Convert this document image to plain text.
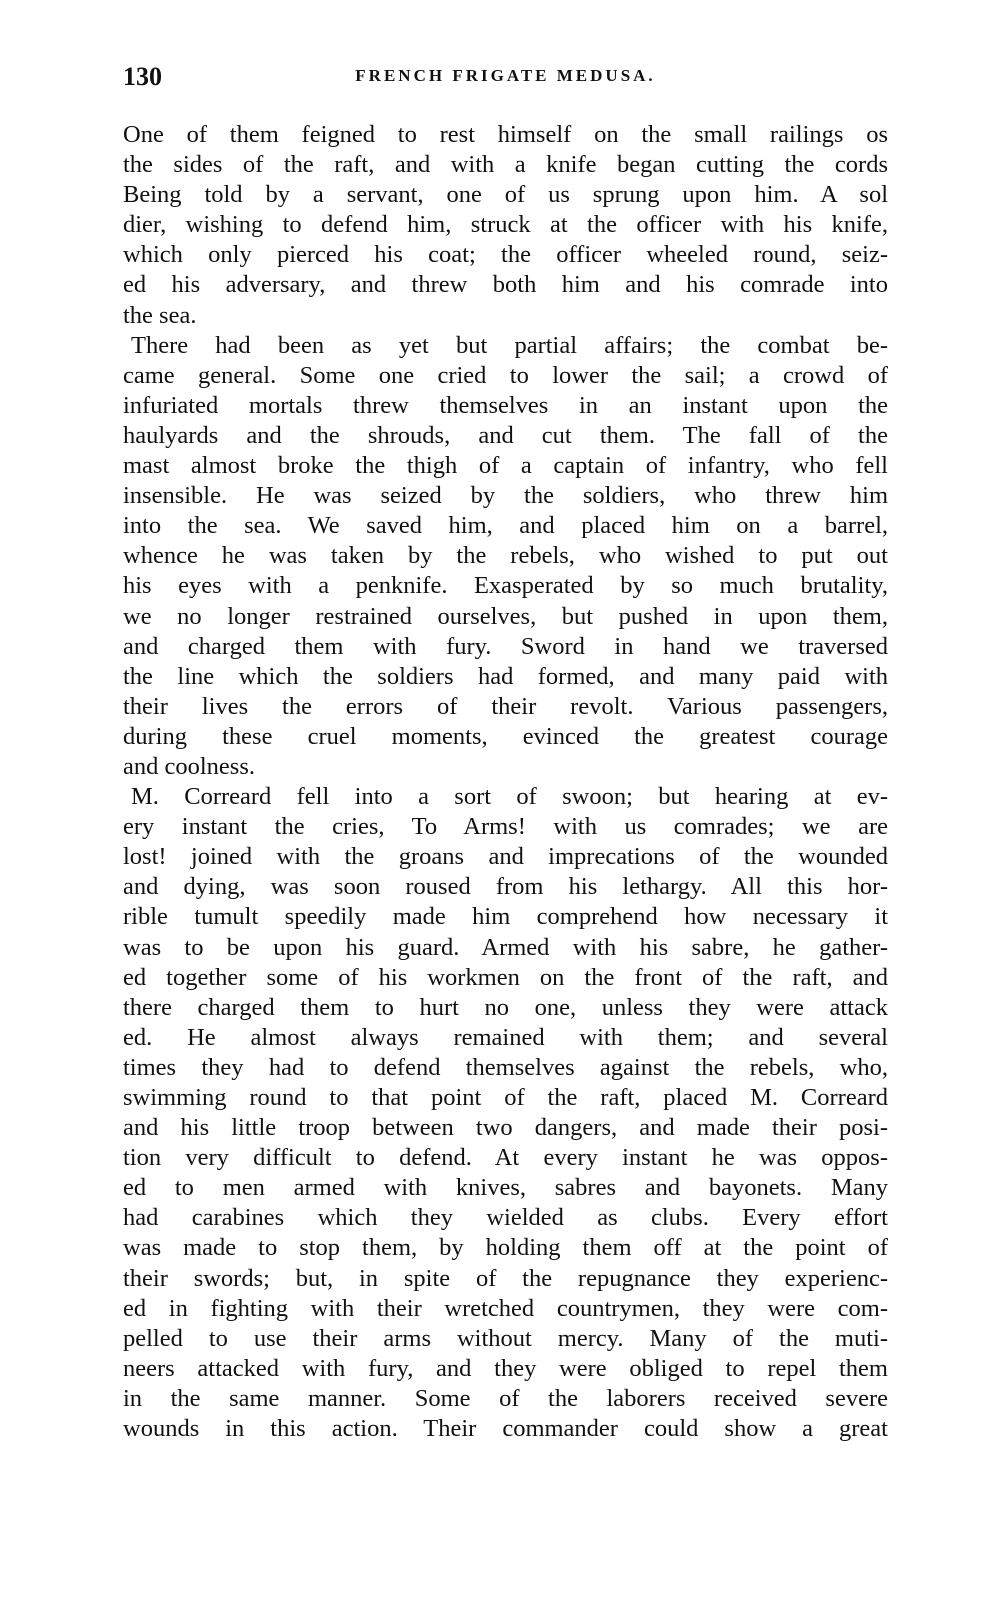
130	FRENCH FRIGATE MEDUSA.
One of them feigned to rest himself on the small railings os
the sides of the raft, and with a knife began cutting the cords
Being told by a servant, one of us sprung upon him. A sol
dier, wishing to defend him, struck at the officer with his knife,
which only pierced his coat; the officer wheeled round, seiz-
ed his adversary, and threw both him and his comrade into
the sea.
There had been as yet but partial affairs; the combat be-
came general. Some one cried to lower the sail; a crowd of
infuriated mortals threw themselves in an instant upon the
haulyards and the shrouds, and cut them. The fall of the
mast almost broke the thigh of a captain of infantry, who fell
insensible. He was seized by the soldiers, who threw him
into the sea. We saved him, and placed him on a barrel,
whence he was taken by the rebels, who wished to put out
his eyes with a penknife. Exasperated by so much brutality,
we no longer restrained ourselves, but pushed in upon them,
and charged them with fury. Sword in hand we traversed
the line which the soldiers had formed, and many paid with
their lives the errors of their revolt. Various passengers,
during these cruel moments, evinced the greatest courage
and coolness.
M. Correard fell into a sort of swoon; but hearing at ev-
ery instant the cries, To Arms! with us comrades; we are
lost! joined with the groans and imprecations of the wounded
and dying, was soon roused from his lethargy. All this hor-
rible tumult speedily made him comprehend how necessary it
was to be upon his guard. Armed with his sabre, he gather-
ed together some of his workmen on the front of the raft, and
there charged them to hurt no one, unless they were attack
ed. He almost always remained with them; and several
times they had to defend themselves against the rebels, who,
swimming round to that point of the raft, placed M. Correard
and his little troop between two dangers, and made their posi-
tion very difficult to defend. At every instant he was oppos-
ed to men armed with knives, sabres and bayonets. Many
had carabines which they wielded as clubs. Every effort
was made to stop them, by holding them off at the point of
their swords; but, in spite of the repugnance they experienc-
ed in fighting with their wretched countrymen, they were com-
pelled to use their arms without mercy. Many of the muti-
neers attacked with fury, and they were obliged to repel them
in the same manner. Some of the laborers received severe
wounds in this action. Their commander could show a great
